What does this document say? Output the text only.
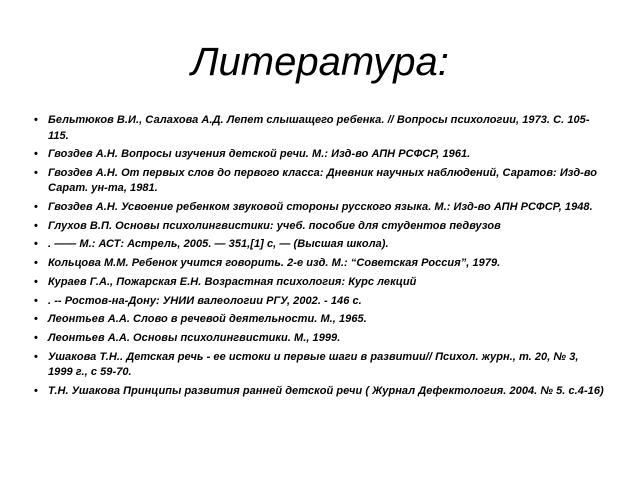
Литература:
• Бельтюков В.И., Салахова А.Д. Лепет слышащего ребенка. // Вопросы психологии, 1973. С. 105-115.
• Гвоздев А.Н. Вопросы изучения детской речи. М.: Изд-во АПН РСФСР, 1961.
• Гвоздев А.Н. От первых слов до первого класса: Дневник научных наблюдений, Саратов: Изд-во Сарат. ун-та, 1981.
• Гвоздев А.Н. Усвоение ребенком звуковой стороны русского языка. М.: Изд-во АПН РСФСР, 1948.
• Глухов В.П. Основы психолингвистики: учеб. пособие для студентов педвузов
• . —— М.: АСТ: Астрель, 2005. — 351,[1] с, — (Высшая школа).
• Кольцова М.М. Ребенок учится говорить. 2-е изд. М.: “Советская Россия”, 1979.
• Кураев Г.А., Пожарская Е.Н. Возрастная психология: Курс лекций
• . -- Ростов-на-Дону: УНИИ валеологии РГУ, 2002. - 146 с.
• Леонтьев А.А. Слово в речевой деятельности. М., 1965.
• Леонтьев А.А. Основы психолингвистики. М., 1999.
• Ушакова Т.Н.. Детская речь - ее истоки и первые шаги в развитии// Психол. журн., т. 20, № 3, 1999 г., с 59-70.
• Т.Н. Ушакова Принципы развития ранней детской речи ( Журнал Дефектология. 2004. № 5. с.4-16)
